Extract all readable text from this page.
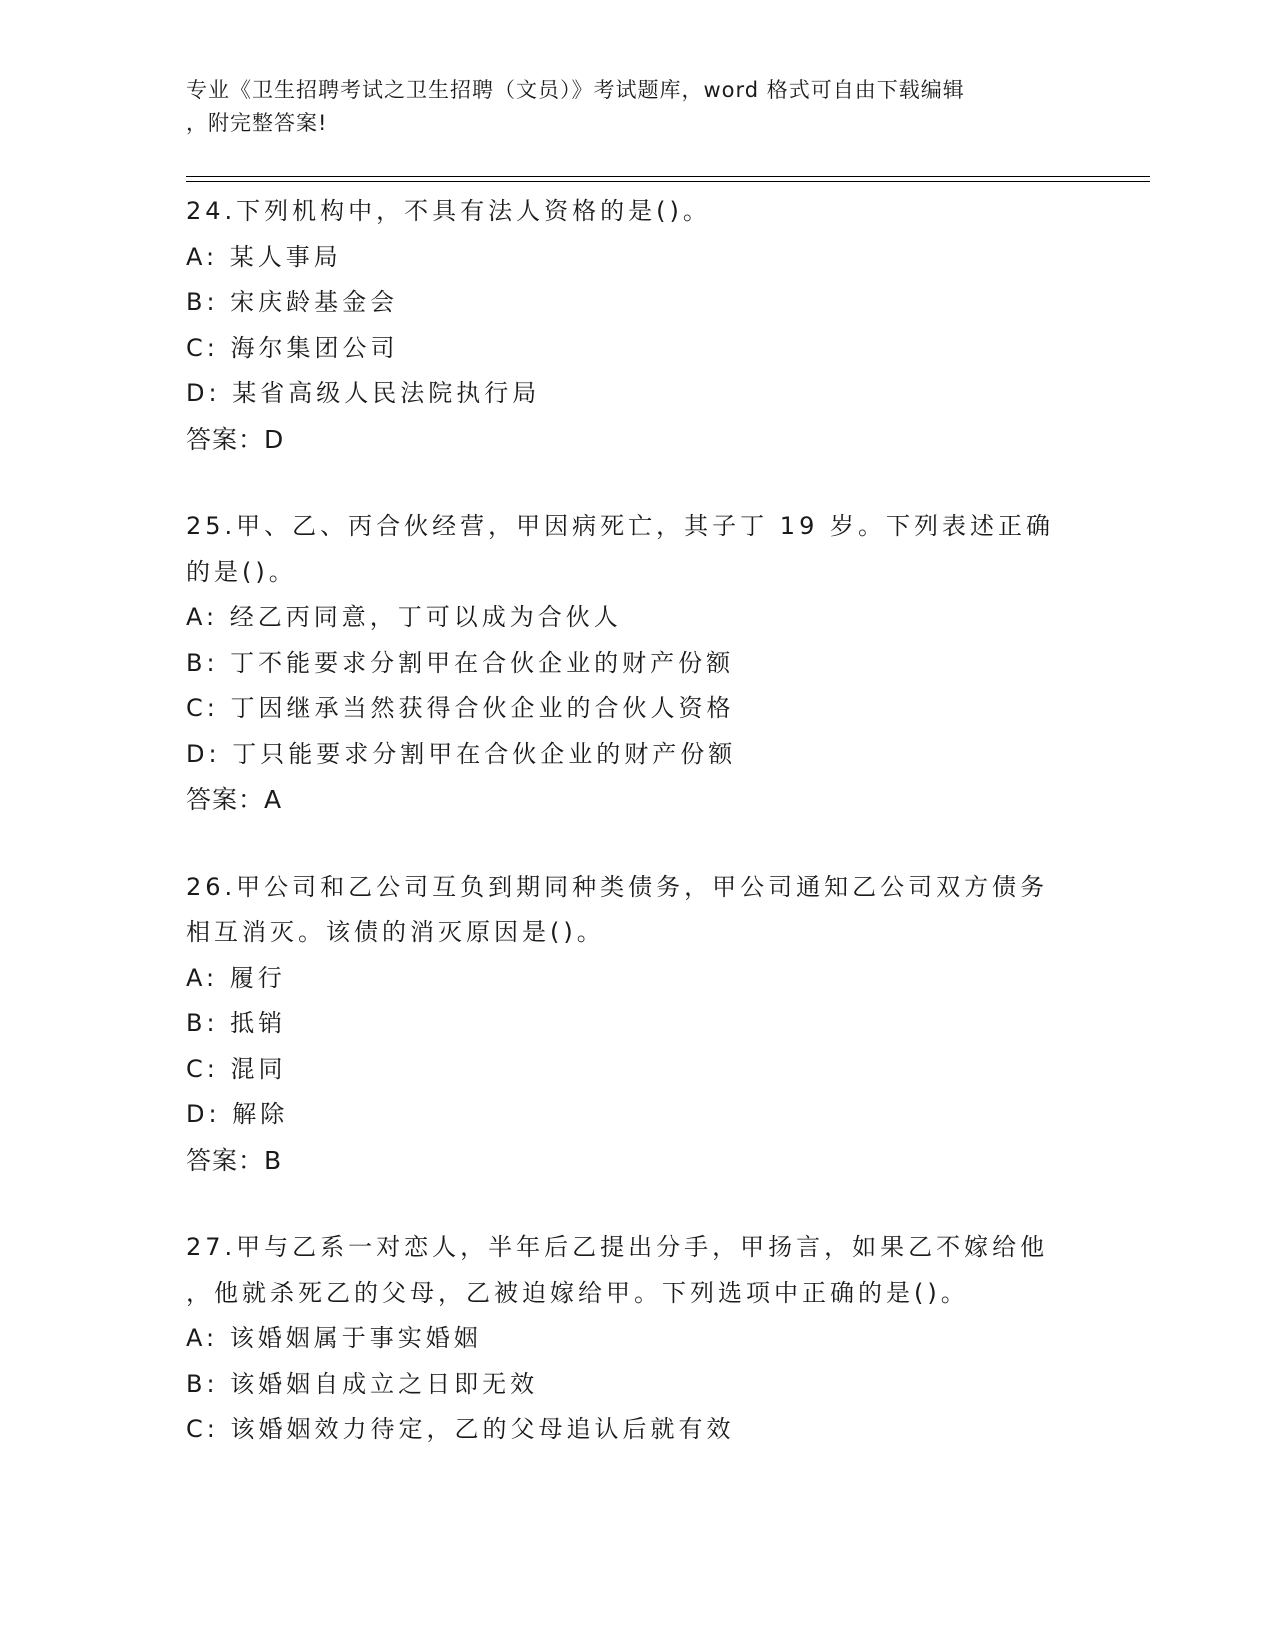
专业《卫生招聘考试之卫生招聘（文员）》考试题库，word 格式可自由下载编辑
，附完整答案!
24.下列机构中，不具有法人资格的是()。
A: 某人事局
B: 宋庆龄基金会
C: 海尔集团公司
D: 某省高级人民法院执行局
答案：D
25.甲、乙、丙合伙经营，甲因病死亡，其子丁 19 岁。下列表述正确
的是()。
A: 经乙丙同意，丁可以成为合伙人
B: 丁不能要求分割甲在合伙企业的财产份额
C: 丁因继承当然获得合伙企业的合伙人资格
D: 丁只能要求分割甲在合伙企业的财产份额
答案：A
26.甲公司和乙公司互负到期同种类债务，甲公司通知乙公司双方债务
相互消灭。该债的消灭原因是()。
A: 履行
B: 抵销
C: 混同
D: 解除
答案：B
27.甲与乙系一对恋人，半年后乙提出分手，甲扬言，如果乙不嫁给他
，他就杀死乙的父母，乙被迫嫁给甲。下列选项中正确的是()。
A: 该婚姻属于事实婚姻
B: 该婚姻自成立之日即无效
C: 该婚姻效力待定，乙的父母追认后就有效
